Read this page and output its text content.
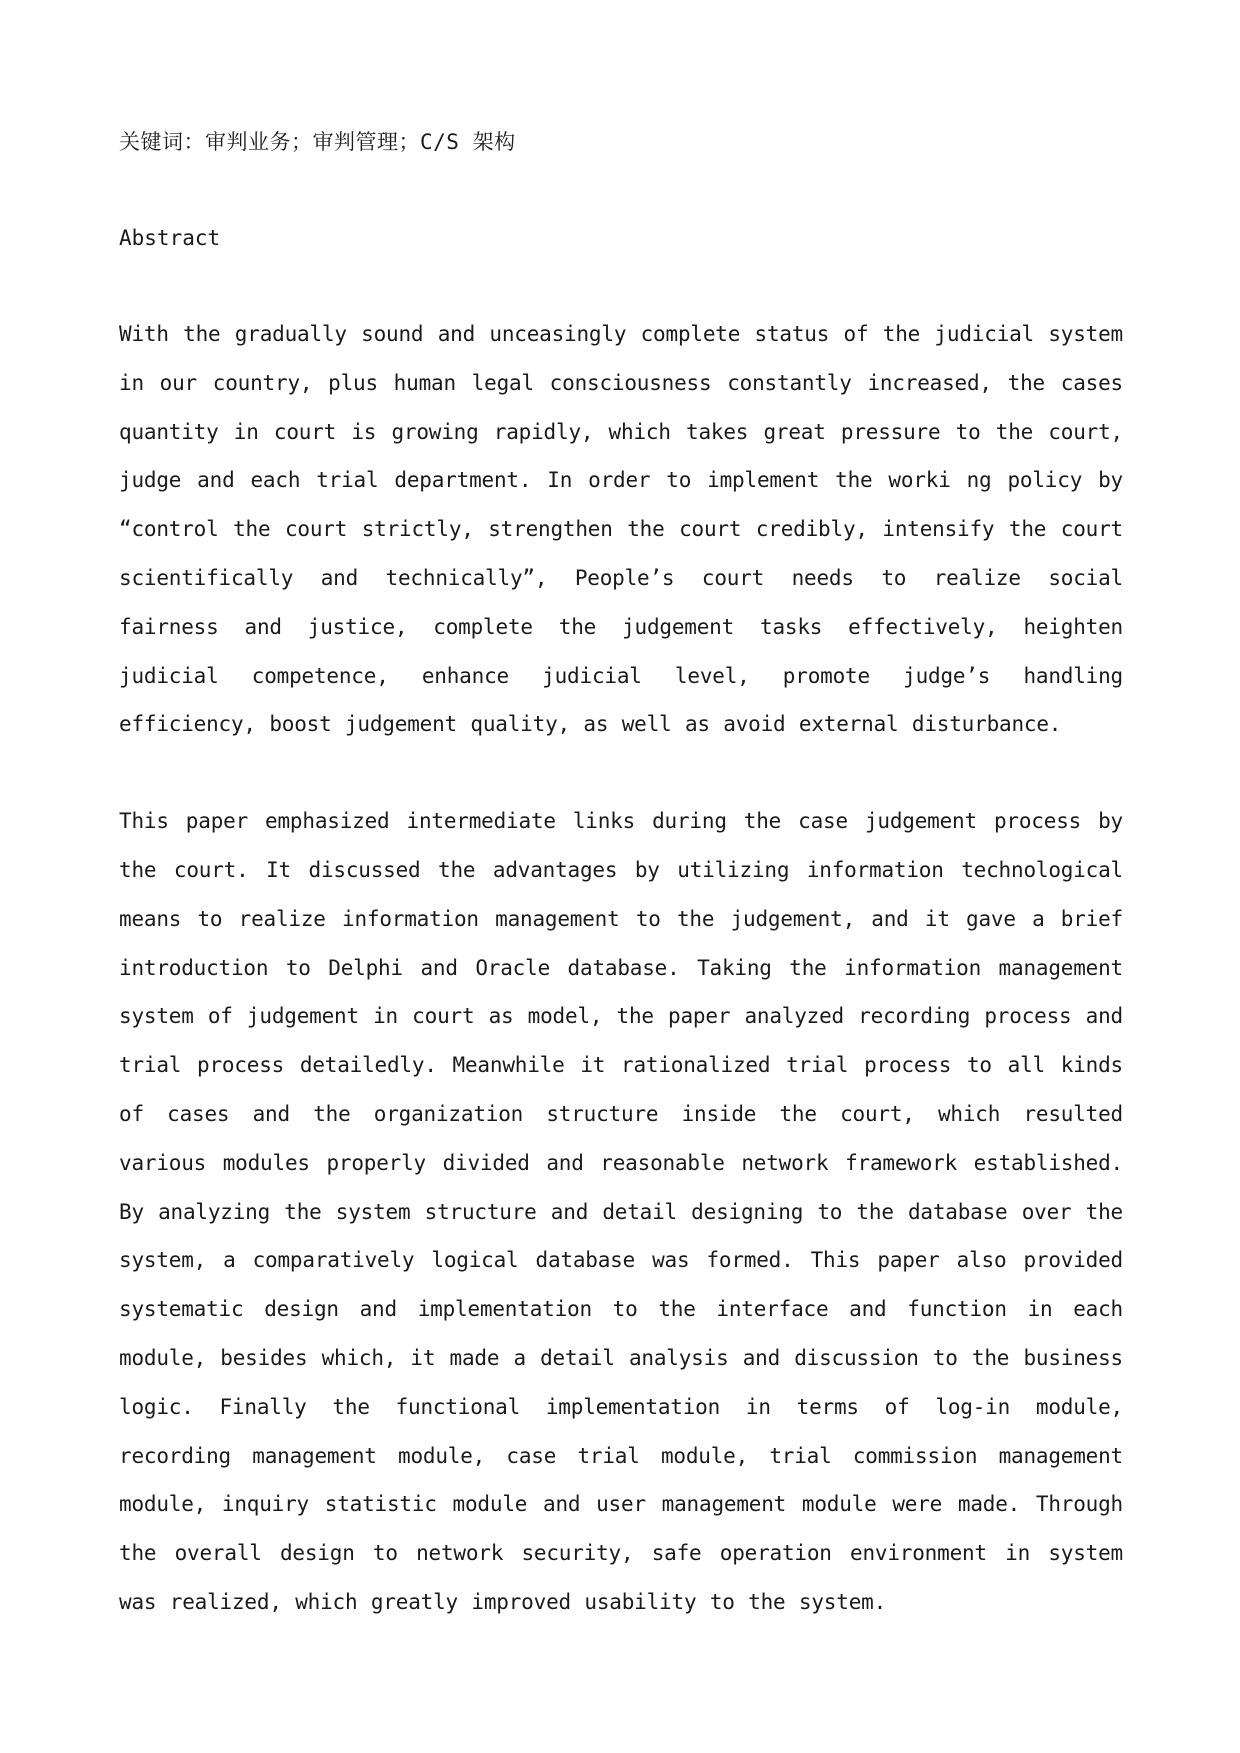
关键词：审判业务；审判管理；C/S 架构

Abstract

With the gradually sound and unceasingly complete status of the judicial system in our country, plus human legal consciousness constantly increased, the cases quantity in court is growing rapidly, which takes great pressure to the court, judge and each trial department. In order to implement the worki ng policy by “control the court strictly, strengthen the court credibly, intensify the court scientifically and technically”, People’s court needs to realize social fairness and justice, complete the judgement tasks effectively, heighten judicial competence, enhance judicial level, promote judge’s handling efficiency, boost judgement quality, as well as avoid external disturbance.

This paper emphasized intermediate links during the case judgement process by the court. It discussed the advantages by utilizing information technological means to realize information management to the judgement, and it gave a brief introduction to Delphi and Oracle database. Taking the information management system of judgement in court as model, the paper analyzed recording process and trial process detailedly. Meanwhile it rationalized trial process to all kinds of cases and the organization structure inside the court, which resulted various modules properly divided and reasonable network framework established. By analyzing the system structure and detail designing to the database over the system, a comparatively logical database was formed. This paper also provided systematic design and implementation to the interface and function in each module, besides which, it made a detail analysis and discussion to the business logic. Finally the functional implementation in terms of log-in module, recording management module, case trial module, trial commission management module, inquiry statistic module and user management module were made. Through the overall design to network security, safe operation environment in system was realized, which greatly improved usability to the system.
